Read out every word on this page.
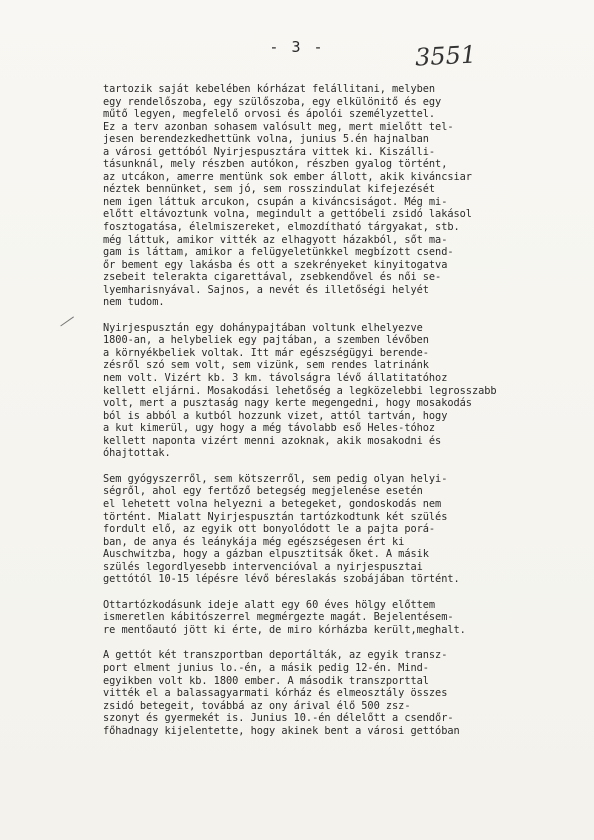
- 3 -	3551
tartozik saját kebelében kórházat felállitani, melyben
egy rendelőszoba, egy szülőszoba, egy elkülönitő és egy
műtő legyen, megfelelő orvosi és ápolói személyzettel.
Ez a terv azonban sohasem valósult meg, mert mielőtt tel-
jesen berendezkedhettünk volna, junius 5.én hajnalban
a városi gettóból Nyirjespusztára vittek ki. Kiszálli-
tásunknál, mely részben autókon, részben gyalog történt,
az utcákon, amerre mentünk sok ember állott, akik kiváncsiar
néztek bennünket, sem jó, sem rosszindulat kifejezését
nem igen láttuk arcukon, csupán a kiváncsiságot. Még mi-
előtt eltávoztunk volna, megindult a gettóbeli zsidó lakásol
fosztogatása, élelmiszereket, elmozdítható tárgyakat, stb.
még láttuk, amikor vitték az elhagyott házakból, sőt ma-
gam is láttam, amikor a felügyeletünkkel megbízott csend-
őr bement egy lakásba és ott a szekrényeket kinyitogatva
zsebeit telerakta cigarettával, zsebkendővel és női se-
lyemharisnyával. Sajnos, a nevét és illetőségi helyét
nem tudom.
Nyirjespusztán egy dohánypajtában voltunk elhelyezve
1800-an, a helybeliek egy pajtában, a szemben lévőben
a környékbeliek voltak. Itt már egészségügyi berende-
zésről szó sem volt, sem vizünk, sem rendes latrinánk
nem volt. Vizért kb. 3 km. távolságra lévő állatitatóhoz
kellett eljárni. Mosakodási lehetőség a legközelebbi legrosszabb
volt, mert a pusztaság nagy kerte megengedni, hogy mosakodás
ból is abból a kutból hozzunk vizet, attól tartván, hogy
a kut kimerül, ugy hogy a még távolabb eső Heles-tóhoz
kellett naponta vizért menni azoknak, akik mosakodni és
óhajtottak.
Sem gyógyszerről, sem kötszerről, sem pedig olyan helyi-
ségről, ahol egy fertőző betegség megjelenése esetén
el lehetett volna helyezni a betegeket, gondoskodás nem
történt. Mialatt Nyirjespusztán tartózkodtunk két szülés
fordult elő, az egyik ott bonyolódott le a pajta porá-
ban, de anya és leánykája még egészségesen ért ki
Auschwitzba, hogy a gázban elpusztitsák őket. A másik
szülés legordlyesebb intervencióval a nyirjespusztai
gettótól 10-15 lépésre lévő béreslakás szobájában történt.
Ottartózkodásunk ideje alatt egy 60 éves hölgy előttem
ismeretlen kábitószerrel megmérgezte magát. Bejelentésem-
re mentőautó jött ki érte, de miro kórházba került,meghalt.
A gettót két transzportban deportálták, az egyik transz-
port elment junius lo.-én, a másik pedig 12-én. Mind-
egyikben volt kb. 1800 ember. A második transzporttal
vitték el a balassagyarmati kórház és elmeosztály összes
zsidó betegeit, továbbá az ony árival élő 500 zsz-
szonyt és gyermekét is. Junius 10.-én délelőtt a csendőr-
főhadnagy kijelentette, hogy akinek bent a városi gettóban
